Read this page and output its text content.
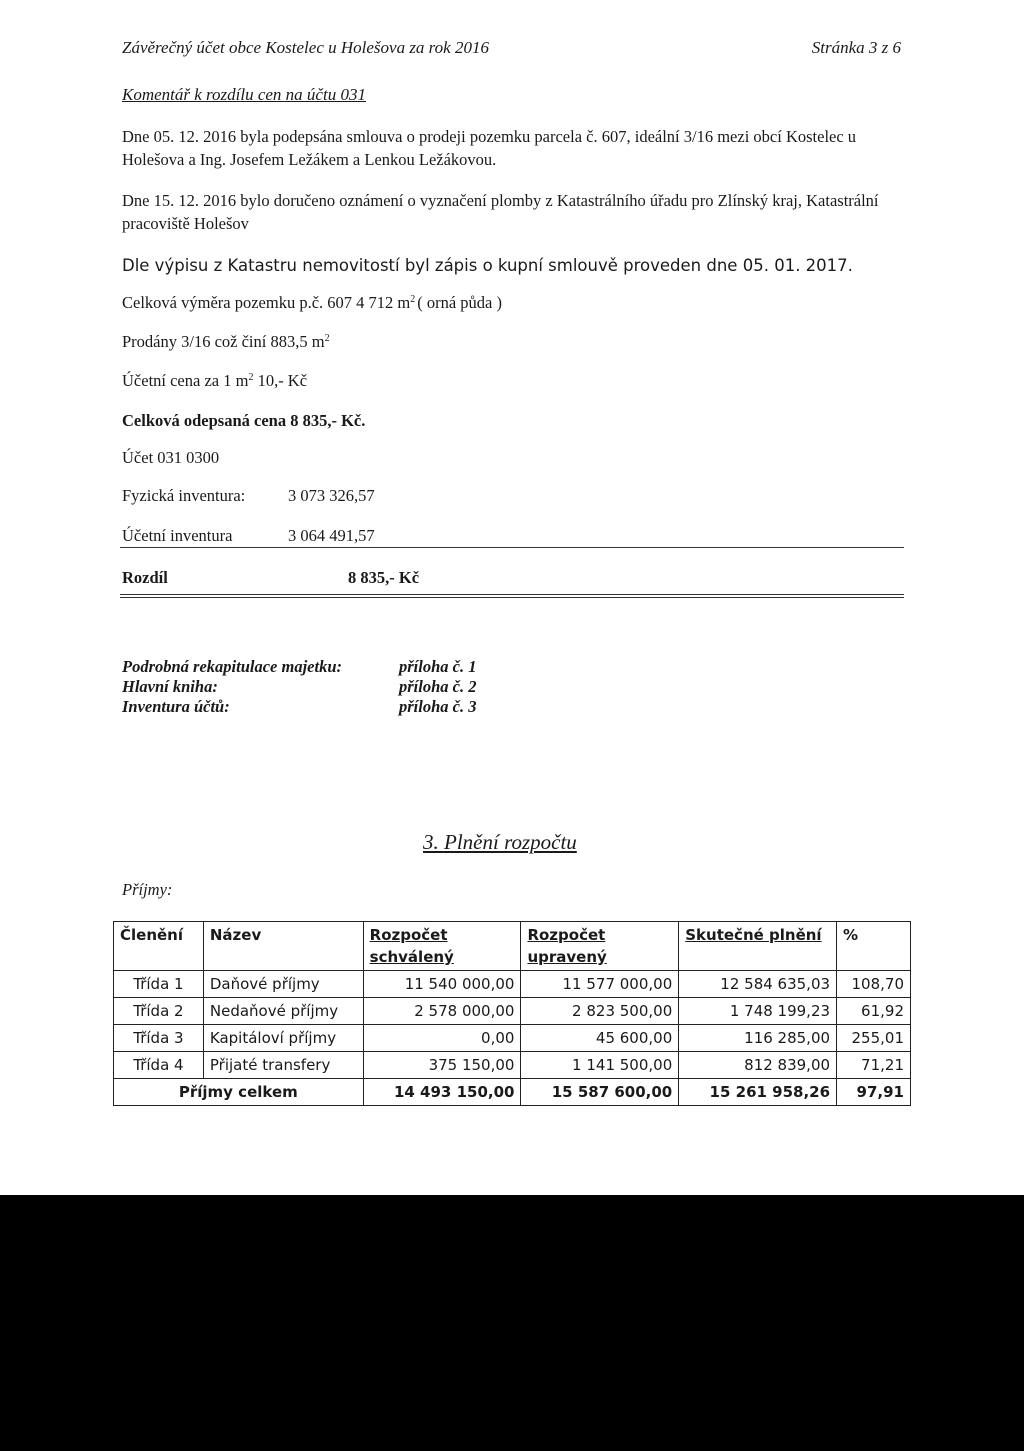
Závěrečný účet obce Kostelec u Holešova za rok 2016	Stránka 3 z 6
Komentář k rozdílu cen na účtu 031

Dne 05. 12. 2016 byla podepsána smlouva o prodeji pozemku parcela č. 607, ideální 3/16 mezi obcí Kostelec u Holešova a Ing. Josefem Ležákem a Lenkou Ležákovou.

Dne 15. 12. 2016 bylo doručeno oznámení o vyznačení plomby z Katastrálního úřadu pro Zlínský kraj, Katastrální pracoviště Holešov

Dle výpisu z Katastru nemovitostí byl zápis o kupní smlouvě proveden dne 05. 01. 2017.

Celková výměra pozemku p.č. 607 4 712 $m^2$ ( orná půda )

Prodány 3/16 což činí 883,5 $m^2$

Účetní cena za 1 $m^2$ 10,- Kč

Celková odepsaná cena 8 835,- Kč.

Účet 031 0300

Fyzická inventura:	3 073 326,57
Účetní inventura	3 064 491,57
Rozdíl	8 835,- Kč
Podrobná rekapitulace majetku:	příloha č. 1
Hlavní kniha:	příloha č. 2
Inventura účtů:	příloha č. 3
3. Plnění rozpočtu
Příjmy:
Členění	Název	Rozpočet schválený	Rozpočet upravený	Skutečné plnění	%
Třída 1	Daňové příjmy	11 540 000,00	11 577 000,00	12 584 635,03	108,70
Třída 2	Nedaňové příjmy	2 578 000,00	2 823 500,00	1 748 199,23	61,92
Třída 3	Kapitáloví příjmy	0,00	45 600,00	116 285,00	255,01
Třída 4	Přijaté transfery	375 150,00	1 141 500,00	812 839,00	71,21
Příjmy celkem		14 493 150,00	15 587 600,00	15 261 958,26	97,91
